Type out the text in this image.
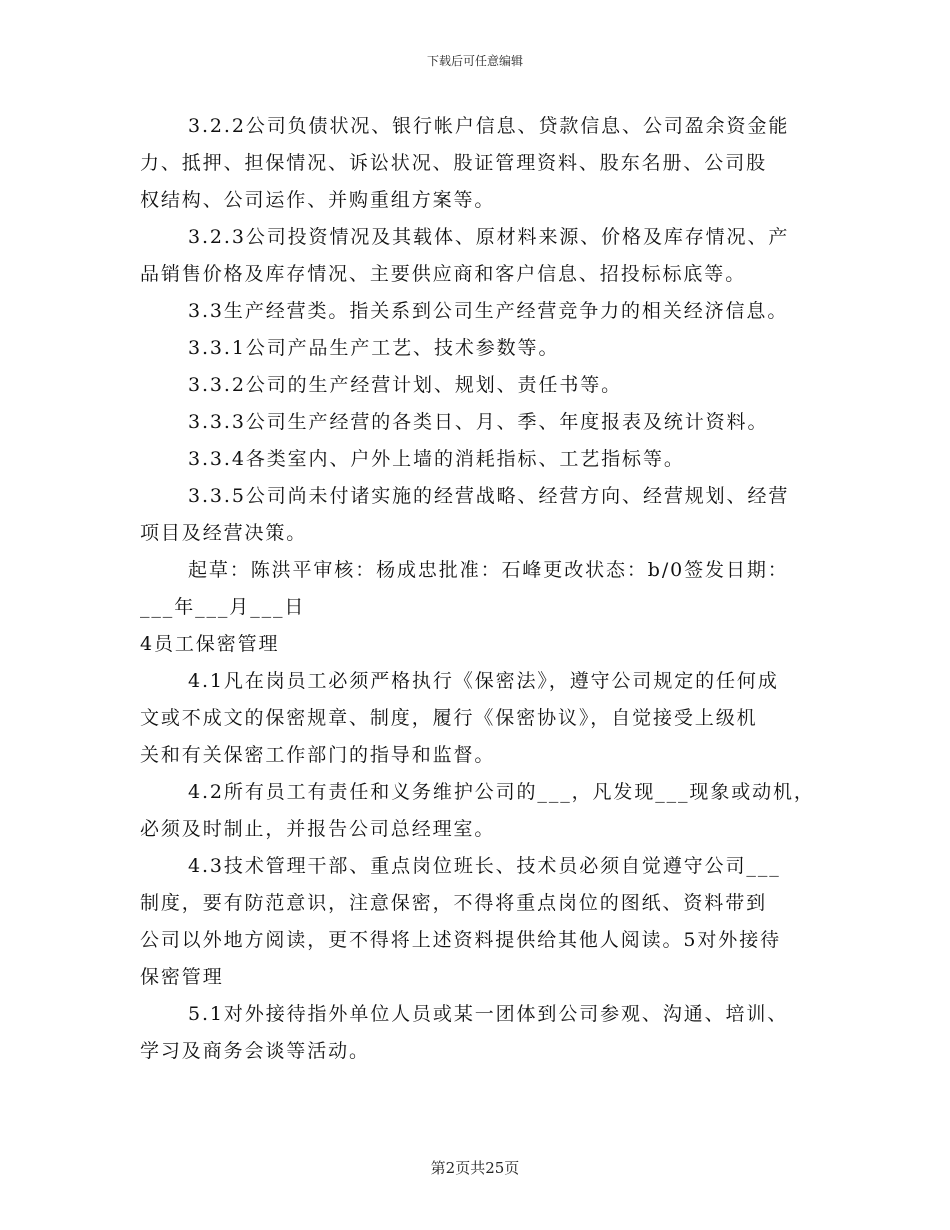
下载后可任意编辑
3.2.2公司负债状况、银行帐户信息、贷款信息、公司盈余资金能
力、抵押、担保情况、诉讼状况、股证管理资料、股东名册、公司股
权结构、公司运作、并购重组方案等。
3.2.3公司投资情况及其载体、原材料来源、价格及库存情况、产
品销售价格及库存情况、主要供应商和客户信息、招投标标底等。
3.3生产经营类。指关系到公司生产经营竞争力的相关经济信息。
3.3.1公司产品生产工艺、技术参数等。
3.3.2公司的生产经营计划、规划、责任书等。
3.3.3公司生产经营的各类日、月、季、年度报表及统计资料。
3.3.4各类室内、户外上墙的消耗指标、工艺指标等。
3.3.5公司尚未付诸实施的经营战略、经营方向、经营规划、经营
项目及经营决策。
起草：陈洪平审核：杨成忠批准：石峰更改状态：b/0签发日期：
___年___月___日
4员工保密管理
4.1凡在岗员工必须严格执行《保密法》，遵守公司规定的任何成
文或不成文的保密规章、制度，履行《保密协议》，自觉接受上级机
关和有关保密工作部门的指导和监督。
4.2所有员工有责任和义务维护公司的___，凡发现___现象或动机，
必须及时制止，并报告公司总经理室。
4.3技术管理干部、重点岗位班长、技术员必须自觉遵守公司___
制度，要有防范意识，注意保密，不得将重点岗位的图纸、资料带到
公司以外地方阅读，更不得将上述资料提供给其他人阅读。5对外接待
保密管理
5.1对外接待指外单位人员或某一团体到公司参观、沟通、培训、
学习及商务会谈等活动。
第2页共25页
